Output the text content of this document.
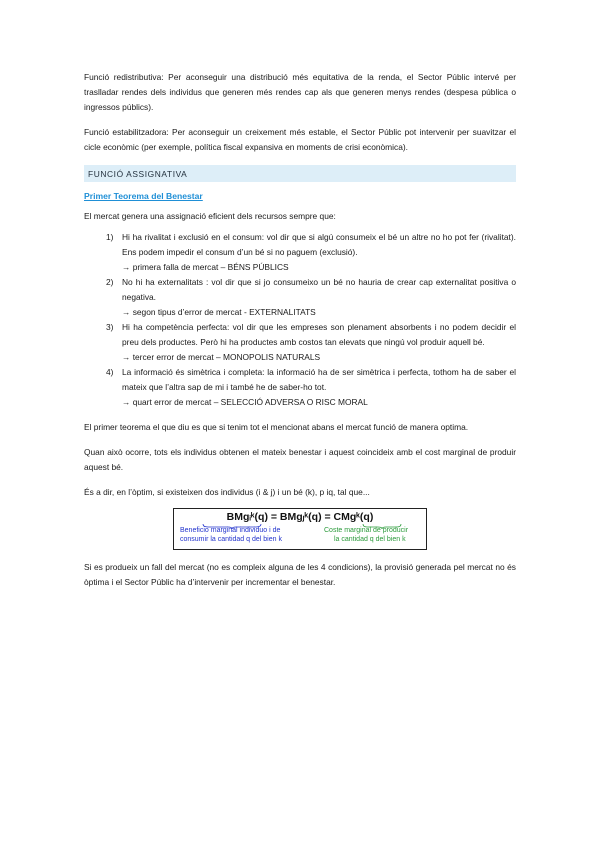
Funció redistributiva: Per aconseguir una distribució més equitativa de la renda, el Sector Públic intervé per traslladar rendes dels individus que generen més rendes cap als que generen menys rendes (despesa pública o ingressos públics).

Funció estabilitzadora: Per aconseguir un creixement més estable, el Sector Públic pot intervenir per suavitzar el cicle econòmic (per exemple, política fiscal expansiva en moments de crisi econòmica).

FUNCIÓ ASSIGNATIVA
Primer Teorema del Benestar

El mercat genera una assignació eficient dels recursos sempre que:

1) Hi ha rivalitat i exclusió en el consum: vol dir que si algú consumeix el bé un altre no ho pot fer (rivalitat). Ens podem impedir el consum d’un bé si no paguem (exclusió).
→ primera falla de mercat – BÉNS PÚBLICS
2) No hi ha externalitats : vol dir que si jo consumeixo un bé no hauria de crear cap externalitat positiva o negativa.
→ segon tipus d’error de mercat - EXTERNALITATS
3) Hi ha competència perfecta: vol dir que les empreses son plenament absorbents i no podem decidir el preu dels productes. Però hi ha productes amb costos tan elevats que ningú vol produir aquell bé.
→ tercer error de mercat – MONOPOLIS NATURALS
4) La informació és simètrica i completa: la informació ha de ser simètrica i perfecta, tothom ha de saber el mateix que l’altra sap de mi i també he de saber-ho tot.
→ quart error de mercat – SELECCIÓ ADVERSA O RISC MORAL

El primer teorema el que diu es que si tenim tot el mencionat abans el mercat funció de manera optima.

Quan això ocorre, tots els individus obtenen el mateix benestar i aquest coincideix amb el cost marginal de produir aquest bé.

És a dir, en l’òptim, si existeixen dos individus (i & j) i un bé (k), p iq, tal que...

BMgᵢᵏ(q) = BMgⱼᵏ(q) = CMgᵏ(q)
Beneficio marginal individuo i de
consumir la cantidad q del bien k
Coste marginal de producir
la cantidad q del bien k

Si es produeix un fall del mercat (no es compleix alguna de les 4 condicions), la provisió generada pel mercat no és òptima i el Sector Públic ha d’intervenir per incrementar el benestar.
